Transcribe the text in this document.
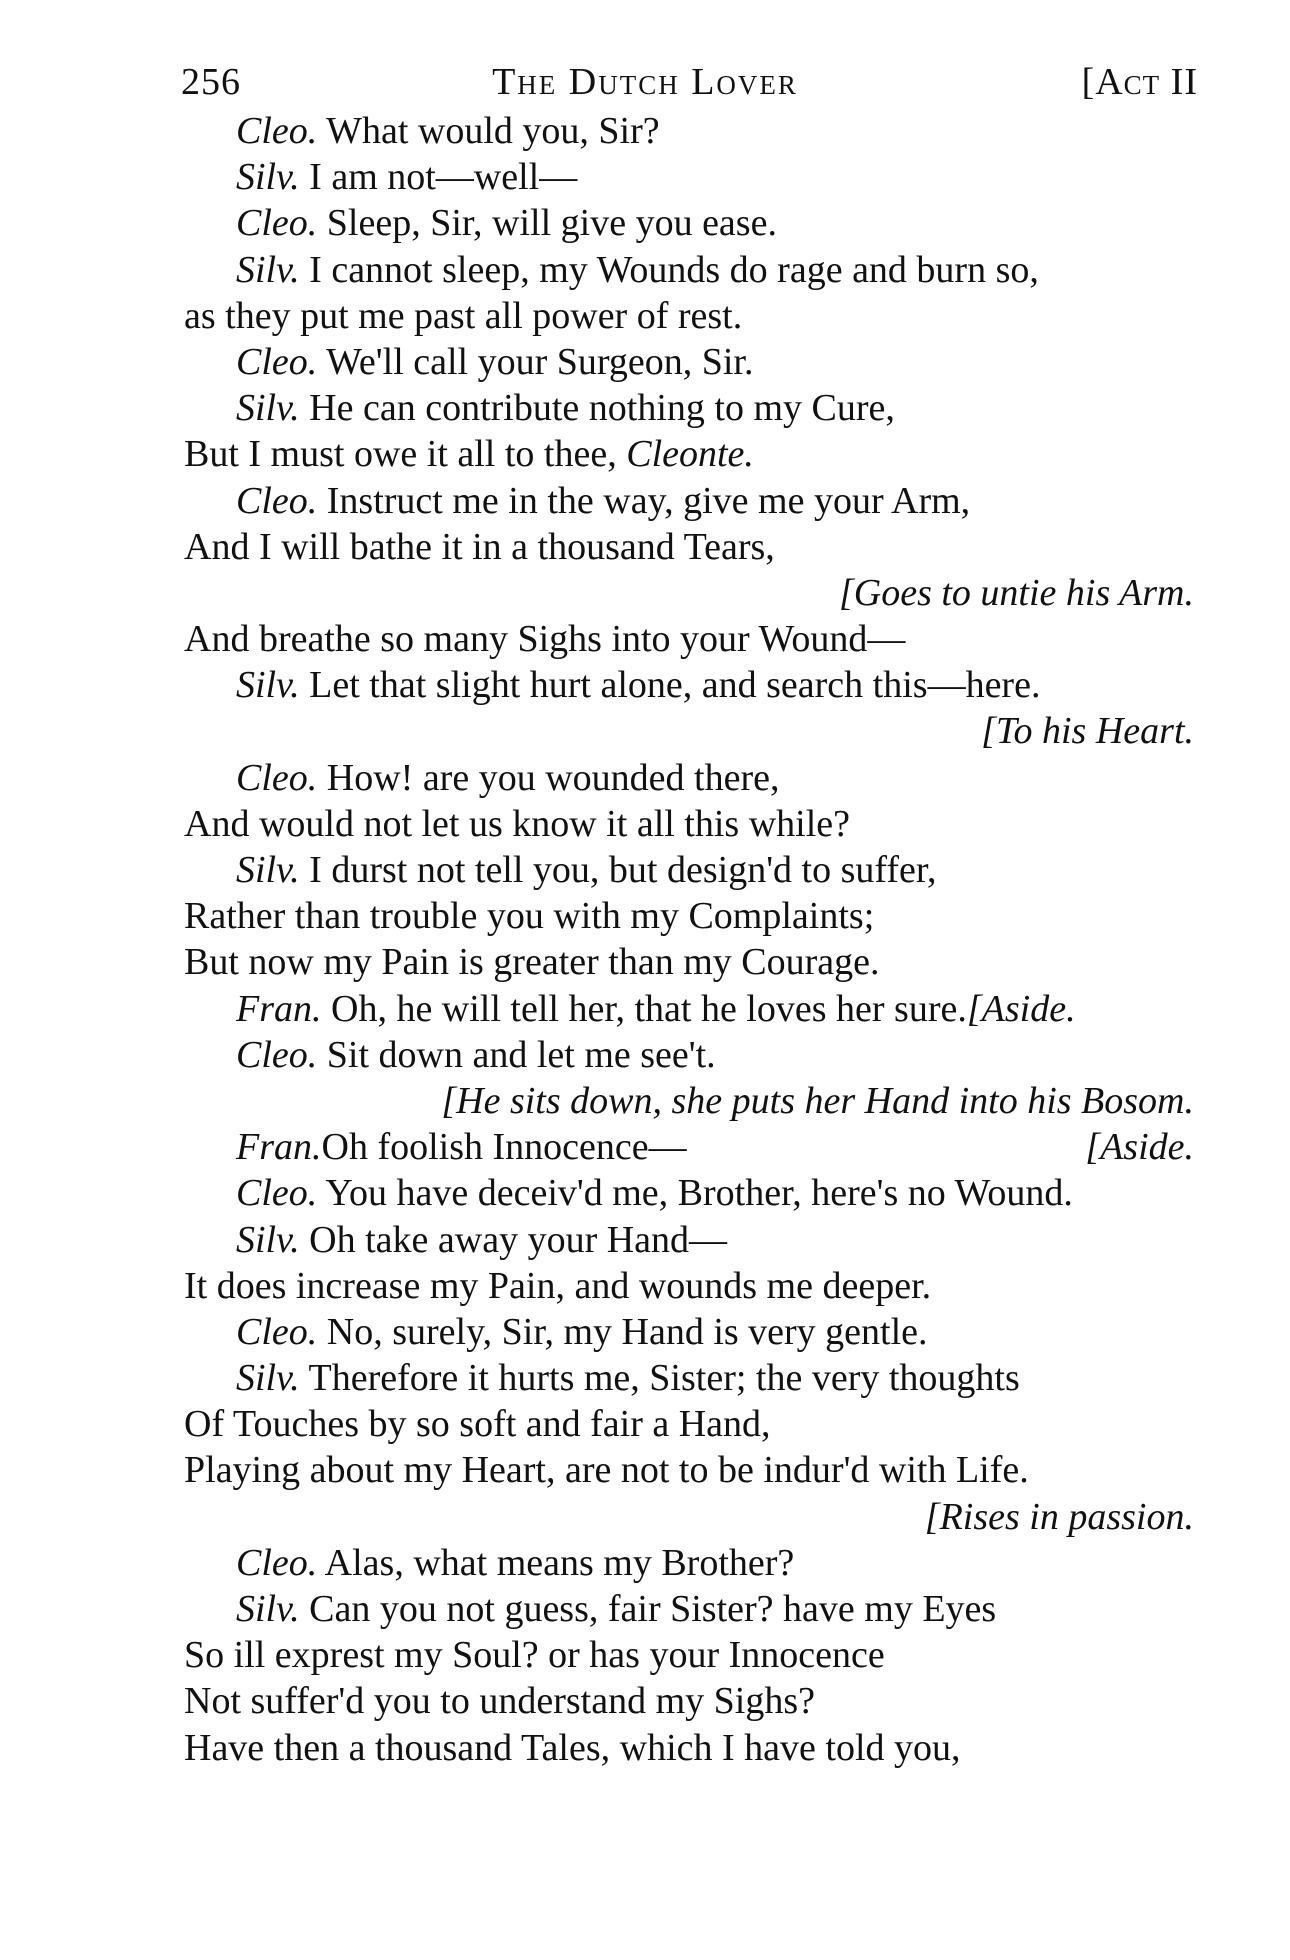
256	The Dutch Lover	[Act II
Cleo. What would you, Sir?
Silv. I am not—well—
Cleo. Sleep, Sir, will give you ease.
Silv. I cannot sleep, my Wounds do rage and burn so,
as they put me past all power of rest.
Cleo. We'll call your Surgeon, Sir.
Silv. He can contribute nothing to my Cure,
But I must owe it all to thee, Cleonte.
Cleo. Instruct me in the way, give me your Arm,
And I will bathe it in a thousand Tears,
[Goes to untie his Arm.
And breathe so many Sighs into your Wound—
Silv. Let that slight hurt alone, and search this—here.
[To his Heart.
Cleo. How! are you wounded there,
And would not let us know it all this while?
Silv. I durst not tell you, but design'd to suffer,
Rather than trouble you with my Complaints;
But now my Pain is greater than my Courage.
Fran. Oh, he will tell her, that he loves her sure.[Aside.
Cleo. Sit down and let me see't.
[He sits down, she puts her Hand into his Bosom.
Fran. Oh foolish Innocence—	[Aside.
Cleo. You have deceiv'd me, Brother, here's no Wound.
Silv. Oh take away your Hand—
It does increase my Pain, and wounds me deeper.
Cleo. No, surely, Sir, my Hand is very gentle.
Silv. Therefore it hurts me, Sister; the very thoughts
Of Touches by so soft and fair a Hand,
Playing about my Heart, are not to be indur'd with Life.
[Rises in passion.
Cleo. Alas, what means my Brother?
Silv. Can you not guess, fair Sister? have my Eyes
So ill exprest my Soul? or has your Innocence
Not suffer'd you to understand my Sighs?
Have then a thousand Tales, which I have told you,
